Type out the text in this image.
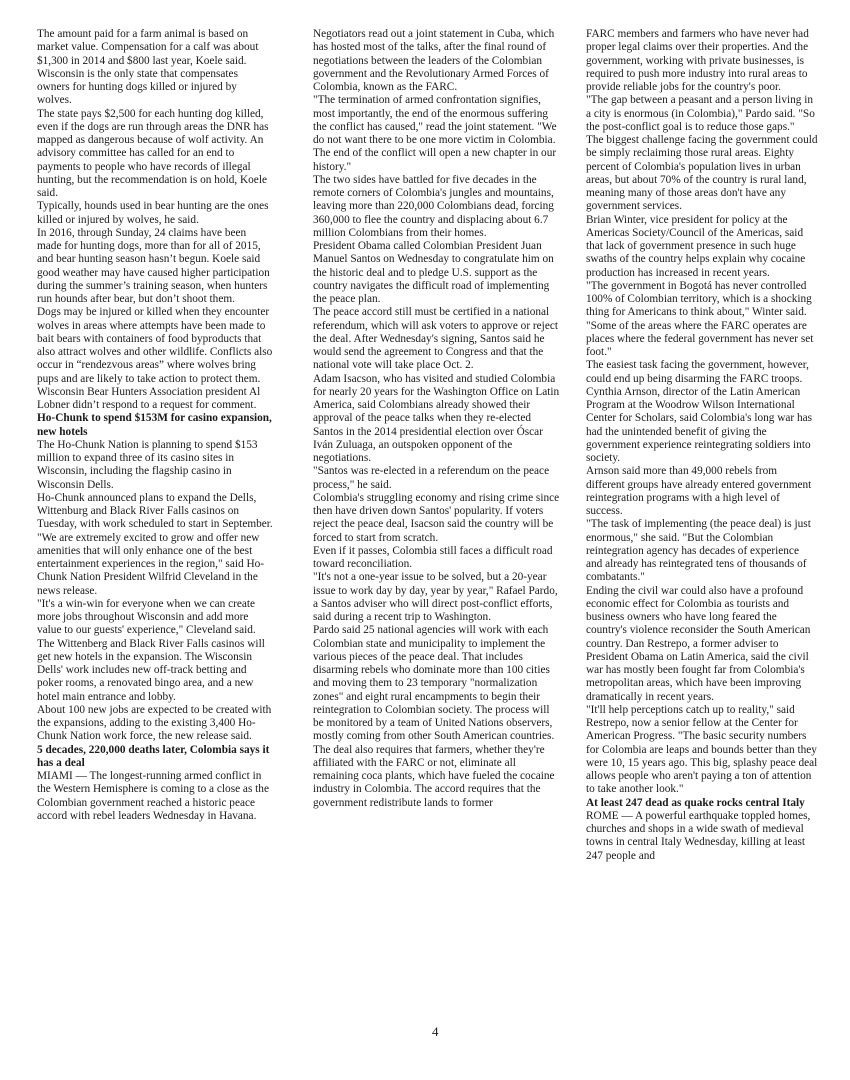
The amount paid for a farm animal is based on market value. Compensation for a calf was about $1,300 in 2014 and $800 last year, Koele said.

Wisconsin is the only state that compensates owners for hunting dogs killed or injured by wolves.

The state pays $2,500 for each hunting dog killed, even if the dogs are run through areas the DNR has mapped as dangerous because of wolf activity. An advisory committee has called for an end to payments to people who have records of illegal hunting, but the recommendation is on hold, Koele said.

Typically, hounds used in bear hunting are the ones killed or injured by wolves, he said.

In 2016, through Sunday, 24 claims have been made for hunting dogs, more than for all of 2015, and bear hunting season hasn’t begun. Koele said good weather may have caused higher participation during the summer’s training season, when hunters run hounds after bear, but don’t shoot them.

Dogs may be injured or killed when they encounter wolves in areas where attempts have been made to bait bears with containers of food byproducts that also attract wolves and other wildlife. Conflicts also occur in “rendezvous areas” where wolves bring pups and are likely to take action to protect them.

Wisconsin Bear Hunters Association president Al Lobner didn’t respond to a request for comment.

Ho-Chunk to spend $153M for casino expansion, new hotels

The Ho-Chunk Nation is planning to spend $153 million to expand three of its casino sites in Wisconsin, including the flagship casino in Wisconsin Dells.

Ho-Chunk announced plans to expand the Dells, Wittenburg and Black River Falls casinos on Tuesday, with work scheduled to start in September.

"We are extremely excited to grow and offer new amenities that will only enhance one of the best entertainment experiences in the region," said Ho-Chunk Nation President Wilfrid Cleveland in the news release.

"It's a win-win for everyone when we can create more jobs throughout Wisconsin and add more value to our guests' experience," Cleveland said.

The Wittenberg and Black River Falls casinos will get new hotels in the expansion. The Wisconsin Dells' work includes new off-track betting and poker rooms, a renovated bingo area, and a new hotel main entrance and lobby.

About 100 new jobs are expected to be created with the expansions, adding to the existing 3,400 Ho-Chunk Nation work force, the new release said.

5 decades, 220,000 deaths later, Colombia says it has a deal

MIAMI — The longest-running armed conflict in the Western Hemisphere is coming to a close as the Colombian government reached a historic peace accord with rebel leaders Wednesday in Havana.

Negotiators read out a joint statement in Cuba, which has hosted most of the talks, after the final round of negotiations between the leaders of the Colombian government and the Revolutionary Armed Forces of Colombia, known as the FARC.

"The termination of armed confrontation signifies, most importantly, the end of the enormous suffering the conflict has caused," read the joint statement. "We do not want there to be one more victim in Colombia. The end of the conflict will open a new chapter in our history."

The two sides have battled for five decades in the remote corners of Colombia's jungles and mountains, leaving more than 220,000 Colombians dead, forcing 360,000 to flee the country and displacing about 6.7 million Colombians from their homes.

President Obama called Colombian President Juan Manuel Santos on Wednesday to congratulate him on the historic deal and to pledge U.S. support as the country navigates the difficult road of implementing the peace plan.

The peace accord still must be certified in a national referendum, which will ask voters to approve or reject the deal. After Wednesday's signing, Santos said he would send the agreement to Congress and that the national vote will take place Oct. 2.

Adam Isacson, who has visited and studied Colombia for nearly 20 years for the Washington Office on Latin America, said Colombians already showed their approval of the peace talks when they re-elected Santos in the 2014 presidential election over Óscar Iván Zuluaga, an outspoken opponent of the negotiations.

"Santos was re-elected in a referendum on the peace process," he said.

Colombia's struggling economy and rising crime since then have driven down Santos' popularity. If voters reject the peace deal, Isacson said the country will be forced to start from scratch.

Even if it passes, Colombia still faces a difficult road toward reconciliation.

"It's not a one-year issue to be solved, but a 20-year issue to work day by day, year by year," Rafael Pardo, a Santos adviser who will direct post-conflict efforts, said during a recent trip to Washington.

Pardo said 25 national agencies will work with each Colombian state and municipality to implement the various pieces of the peace deal. That includes disarming rebels who dominate more than 100 cities and moving them to 23 temporary "normalization zones" and eight rural encampments to begin their reintegration to Colombian society. The process will be monitored by a team of United Nations observers, mostly coming from other South American countries.

The deal also requires that farmers, whether they're affiliated with the FARC or not, eliminate all remaining coca plants, which have fueled the cocaine industry in Colombia. The accord requires that the government redistribute lands to former

FARC members and farmers who have never had proper legal claims over their properties. And the government, working with private businesses, is required to push more industry into rural areas to provide reliable jobs for the country's poor.

"The gap between a peasant and a person living in a city is enormous (in Colombia)," Pardo said. "So the post-conflict goal is to reduce those gaps."

The biggest challenge facing the government could be simply reclaiming those rural areas. Eighty percent of Colombia's population lives in urban areas, but about 70% of the country is rural land, meaning many of those areas don't have any government services.

Brian Winter, vice president for policy at the Americas Society/Council of the Americas, said that lack of government presence in such huge swaths of the country helps explain why cocaine production has increased in recent years.

"The government in Bogotá has never controlled 100% of Colombian territory, which is a shocking thing for Americans to think about," Winter said. "Some of the areas where the FARC operates are places where the federal government has never set foot."

The easiest task facing the government, however, could end up being disarming the FARC troops. Cynthia Arnson, director of the Latin American Program at the Woodrow Wilson International Center for Scholars, said Colombia's long war has had the unintended benefit of giving the government experience reintegrating soldiers into society.

Arnson said more than 49,000 rebels from different groups have already entered government reintegration programs with a high level of success.

"The task of implementing (the peace deal) is just enormous," she said. "But the Colombian reintegration agency has decades of experience and already has reintegrated tens of thousands of combatants."

Ending the civil war could also have a profound economic effect for Colombia as tourists and business owners who have long feared the country's violence reconsider the South American country. Dan Restrepo, a former adviser to President Obama on Latin America, said the civil war has mostly been fought far from Colombia's metropolitan areas, which have been improving dramatically in recent years.

"It'll help perceptions catch up to reality," said Restrepo, now a senior fellow at the Center for American Progress. "The basic security numbers for Colombia are leaps and bounds better than they were 10, 15 years ago. This big, splashy peace deal allows people who aren't paying a ton of attention to take another look."

At least 247 dead as quake rocks central Italy

ROME — A powerful earthquake toppled homes, churches and shops in a wide swath of medieval towns in central Italy Wednesday, killing at least 247 people and

4
